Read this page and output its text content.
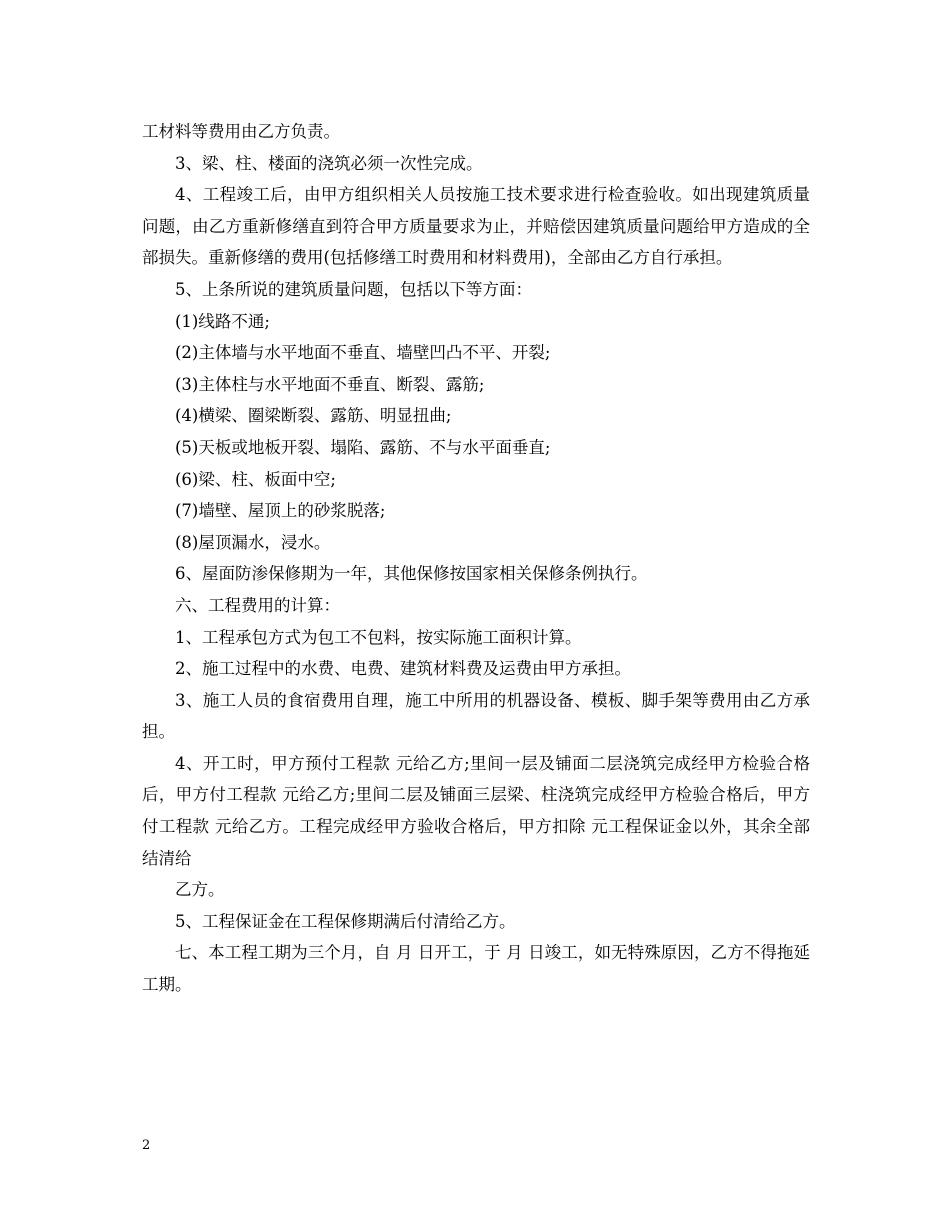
工材料等费用由乙方负责。

3、梁、柱、楼面的浇筑必须一次性完成。

4、工程竣工后，由甲方组织相关人员按施工技术要求进行检查验收。如出现建筑质量问题，由乙方重新修缮直到符合甲方质量要求为止，并赔偿因建筑质量问题给甲方造成的全部损失。重新修缮的费用(包括修缮工时费用和材料费用)，全部由乙方自行承担。

5、上条所说的建筑质量问题，包括以下等方面：

(1)线路不通;

(2)主体墙与水平地面不垂直、墙壁凹凸不平、开裂;

(3)主体柱与水平地面不垂直、断裂、露筋;

(4)横梁、圈梁断裂、露筋、明显扭曲;

(5)天板或地板开裂、塌陷、露筋、不与水平面垂直;

(6)梁、柱、板面中空;

(7)墙壁、屋顶上的砂浆脱落;

(8)屋顶漏水，浸水。

6、屋面防渗保修期为一年，其他保修按国家相关保修条例执行。

六、工程费用的计算：

1、工程承包方式为包工不包料，按实际施工面积计算。

2、施工过程中的水费、电费、建筑材料费及运费由甲方承担。

3、施工人员的食宿费用自理，施工中所用的机器设备、模板、脚手架等费用由乙方承担。

4、开工时，甲方预付工程款 元给乙方;里间一层及铺面二层浇筑完成经甲方检验合格后，甲方付工程款 元给乙方;里间二层及铺面三层梁、柱浇筑完成经甲方检验合格后，甲方付工程款 元给乙方。工程完成经甲方验收合格后，甲方扣除 元工程保证金以外，其余全部结清给

乙方。

5、工程保证金在工程保修期满后付清给乙方。

七、本工程工期为三个月，自 月 日开工，于 月 日竣工，如无特殊原因，乙方不得拖延工期。

2
